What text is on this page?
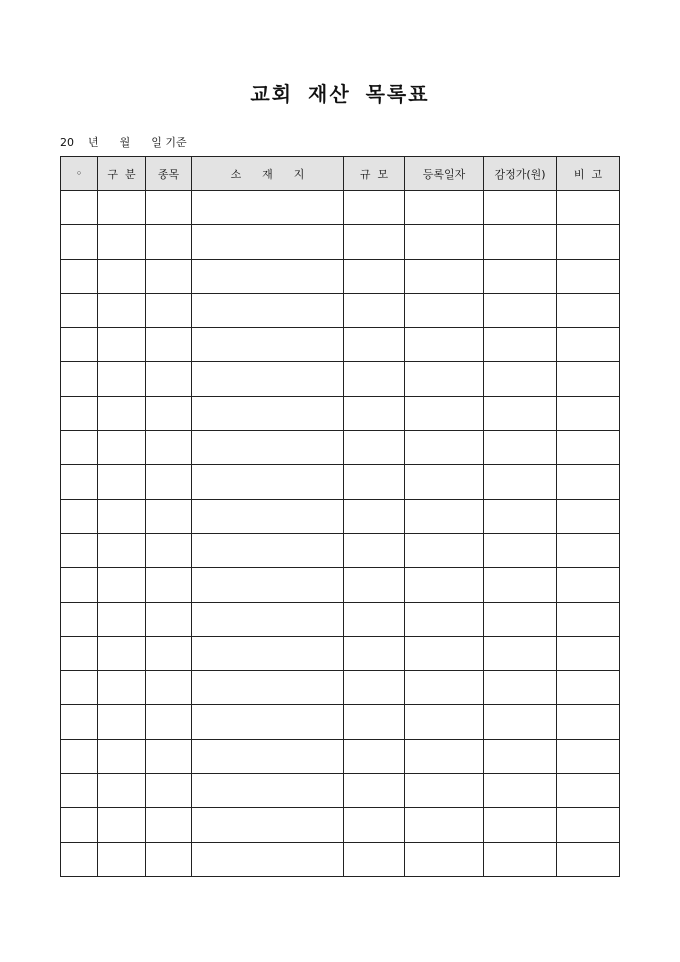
교회 재산 목록표
20    년      월      일 기준
◦	구  분	종목	소      재      지	규  모	등록일자	감정가(원)	비  고
